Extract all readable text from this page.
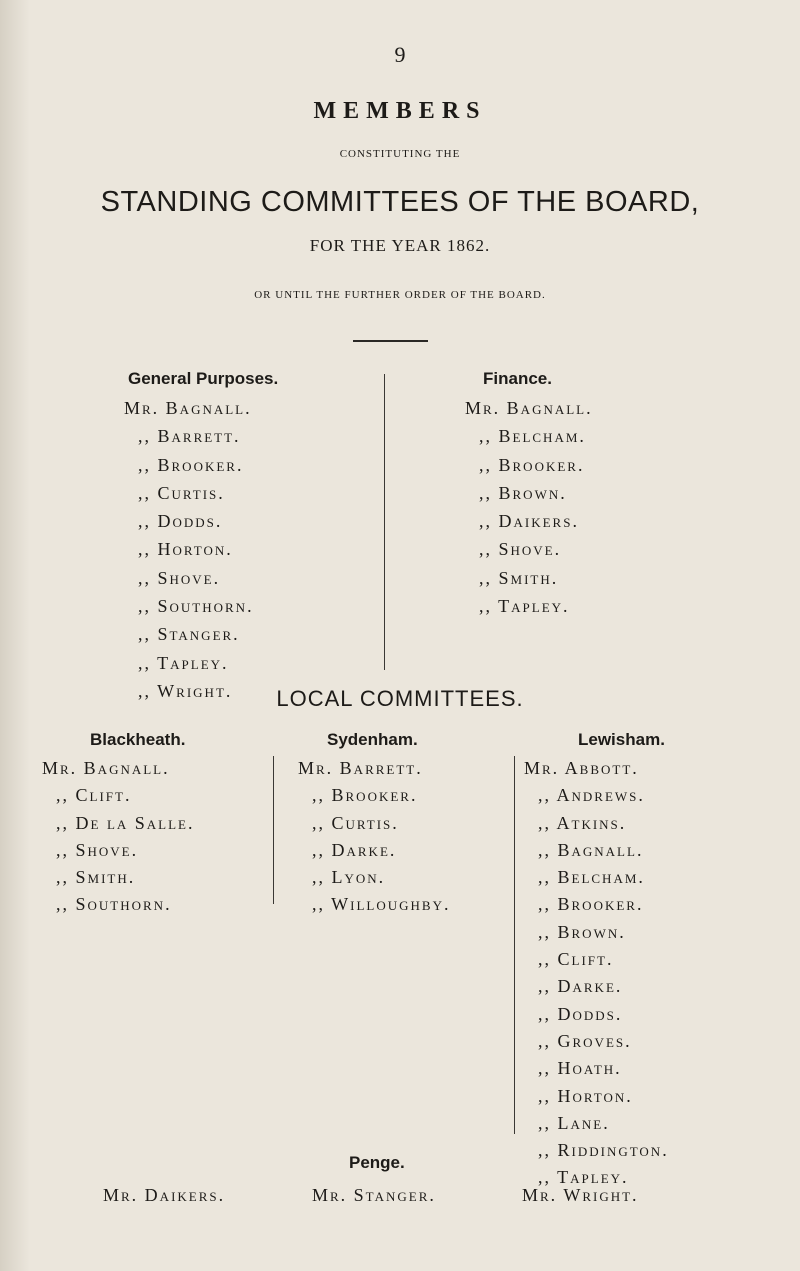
9
MEMBERS
CONSTITUTING THE
STANDING COMMITTEES OF THE BOARD,
FOR THE YEAR 1862.
OR UNTIL THE FURTHER ORDER OF THE BOARD.
General Purposes.
Mr. Bagnall.
,, Barrett.
,, Brooker.
,, Curtis.
,, Dodds.
,, Horton.
,, Shove.
,, Southorn.
,, Stanger.
,, Tapley.
,, Wright.
Finance.
Mr. Bagnall.
,, Belcham.
,, Brooker.
,, Brown.
,, Daikers.
,, Shove.
,, Smith.
,, Tapley.
LOCAL COMMITTEES.
Blackheath.
Mr. Bagnall.
,, Clift.
,, De la Salle.
,, Shove.
,, Smith.
,, Southorn.
Sydenham.
Mr. Barrett.
,, Brooker.
,, Curtis.
,, Darke.
,, Lyon.
,, Willoughby.
Lewisham.
Mr. Abbott.
,, Andrews.
,, Atkins.
,, Bagnall.
,, Belcham.
,, Brooker.
,, Brown.
,, Clift.
,, Darke.
,, Dodds.
,, Groves.
,, Hoath.
,, Horton.
,, Lane.
,, Riddington.
,, Tapley.
Penge.
Mr. Daikers.	Mr. Stanger.	Mr. Wright.
